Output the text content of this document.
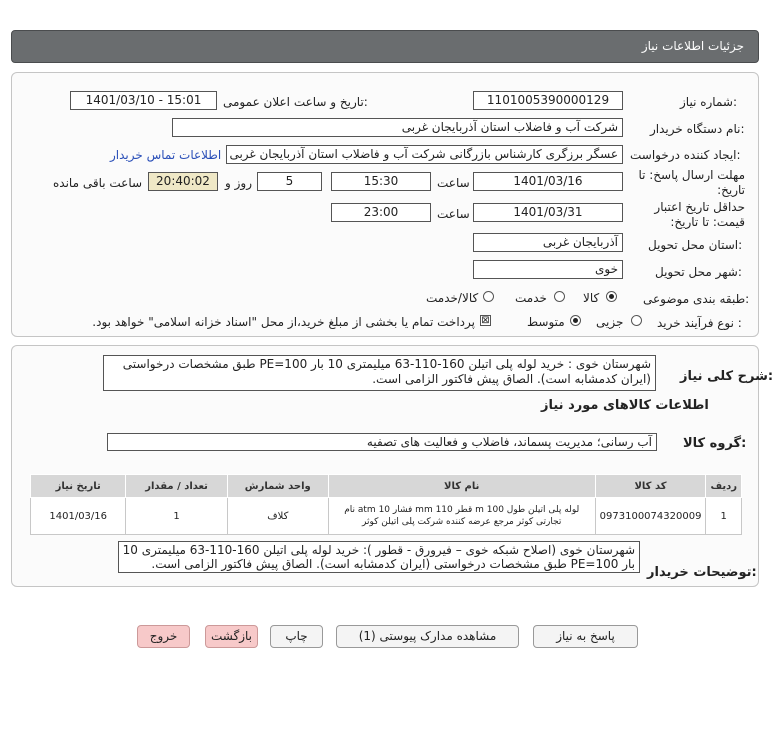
جزئیات اطلاعات نیاز
شماره نیاز:
1101005390000129
تاریخ و ساعت اعلان عمومی:
1401/03/10 - 15:01
نام دستگاه خریدار:
شرکت آب و فاضلاب استان آذربایجان غربی
ایجاد کننده درخواست:
عسگر برزگری کارشناس بازرگانی شرکت آب و فاضلاب استان آذربایجان غربی
اطلاعات تماس خریدار
مهلت ارسال پاسخ: تا تاریخ:
1401/03/16
ساعت
15:30
5
روز و
20:40:02
ساعت باقی مانده
حداقل تاریخ اعتبار قیمت: تا تاریخ:
1401/03/31
ساعت
23:00
استان محل تحویل:
آذربایجان غربی
شهر محل تحویل:
خوی
طبقه بندی موضوعی:
کالا
خدمت
کالا/خدمت
نوع فرآیند خرید :
جزیی
متوسط
⊠
پرداخت تمام یا بخشی از مبلغ خرید،از محل "اسناد خزانه اسلامی" خواهد بود.
شرح کلی نیاز:
شهرستان خوی : خرید لوله پلی اتیلن 160-110-63 میلیمتری 10 بار PE=100 طبق مشخصات درخواستی
(ایران کدمشابه است). الصاق پیش فاکتور الزامی است.
اطلاعات کالاهای مورد نیاز
گروه کالا:
آب رسانی؛ مدیریت پسماند، فاضلاب و فعالیت های تصفیه
ردیف	کد کالا	نام کالا	واحد شمارش	تعداد / مقدار	تاریخ نیاز
1	0973100074320009	لوله پلی اتیلن طول m 100 قطر mm 110 فشار atm 10 نام
تجارتی کوثر مرجع عرضه کننده شرکت پلی اتیلن کوثر	کلاف	1	1401/03/16
توضیحات خریدار:
شهرستان خوی (اصلاح شبکه خوی – فیرورق - قطور ): خرید لوله پلی اتیلن 160-110-63 میلیمتری 10
بار PE=100 طبق مشخصات درخواستی (ایران کدمشابه است). الصاق پیش فاکتور الزامی است.
پاسخ به نیاز
مشاهده مدارک پیوستی (1)
چاپ
بازگشت
خروج
